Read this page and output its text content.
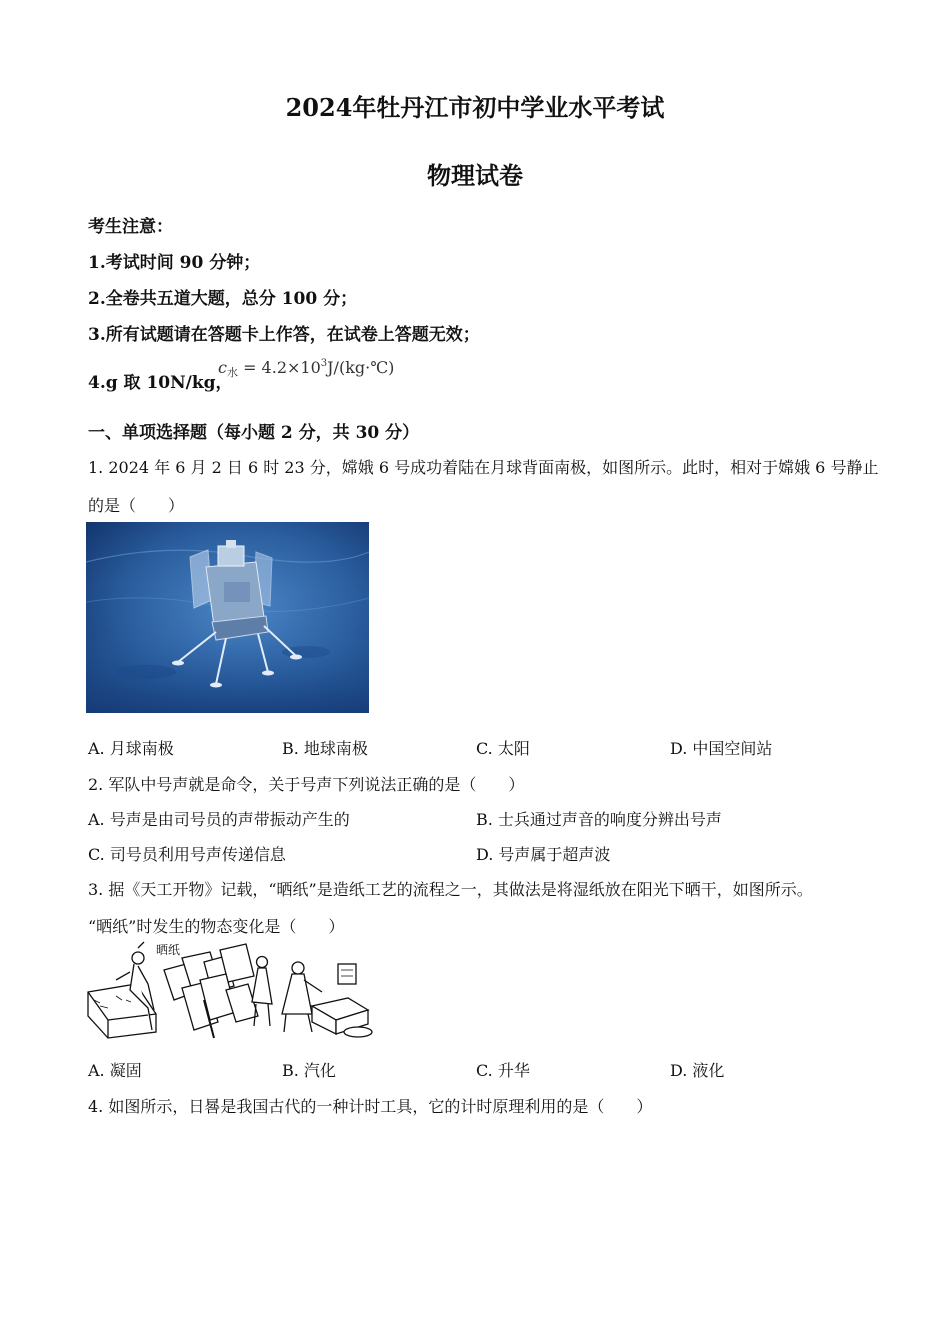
2024年牡丹江市初中学业水平考试
物理试卷
考生注意：
1.考试时间 90 分钟；
2.全卷共五道大题，总分 100 分；
3.所有试题请在答题卡上作答，在试卷上答题无效；
4.g 取 10N/kg，
$c_水$ = $4.2\times 10^3J/(kg\cdot℃)$
一、单项选择题（每小题 2 分，共 30 分）
1. 2024 年 6 月 2 日 6 时 23 分，嫦娥 6 号成功着陆在月球背面南极，如图所示。此时，相对于嫦娥 6 号静止
的是（　　）
A. 月球南极	B. 地球南极	C. 太阳	D. 中国空间站
2. 军队中号声就是命令，关于号声下列说法正确的是（　　）
A. 号声是由司号员的声带振动产生的	B. 士兵通过声音的响度分辨出号声
C. 司号员利用号声传递信息	D. 号声属于超声波
3. 据《天工开物》记载，“晒纸”是造纸工艺的流程之一，其做法是将湿纸放在阳光下晒干，如图所示。
“晒纸”时发生的物态变化是（　　）
晒纸
A. 凝固	B. 汽化	C. 升华	D. 液化
4. 如图所示，日晷是我国古代的一种计时工具，它的计时原理利用的是（　　）
